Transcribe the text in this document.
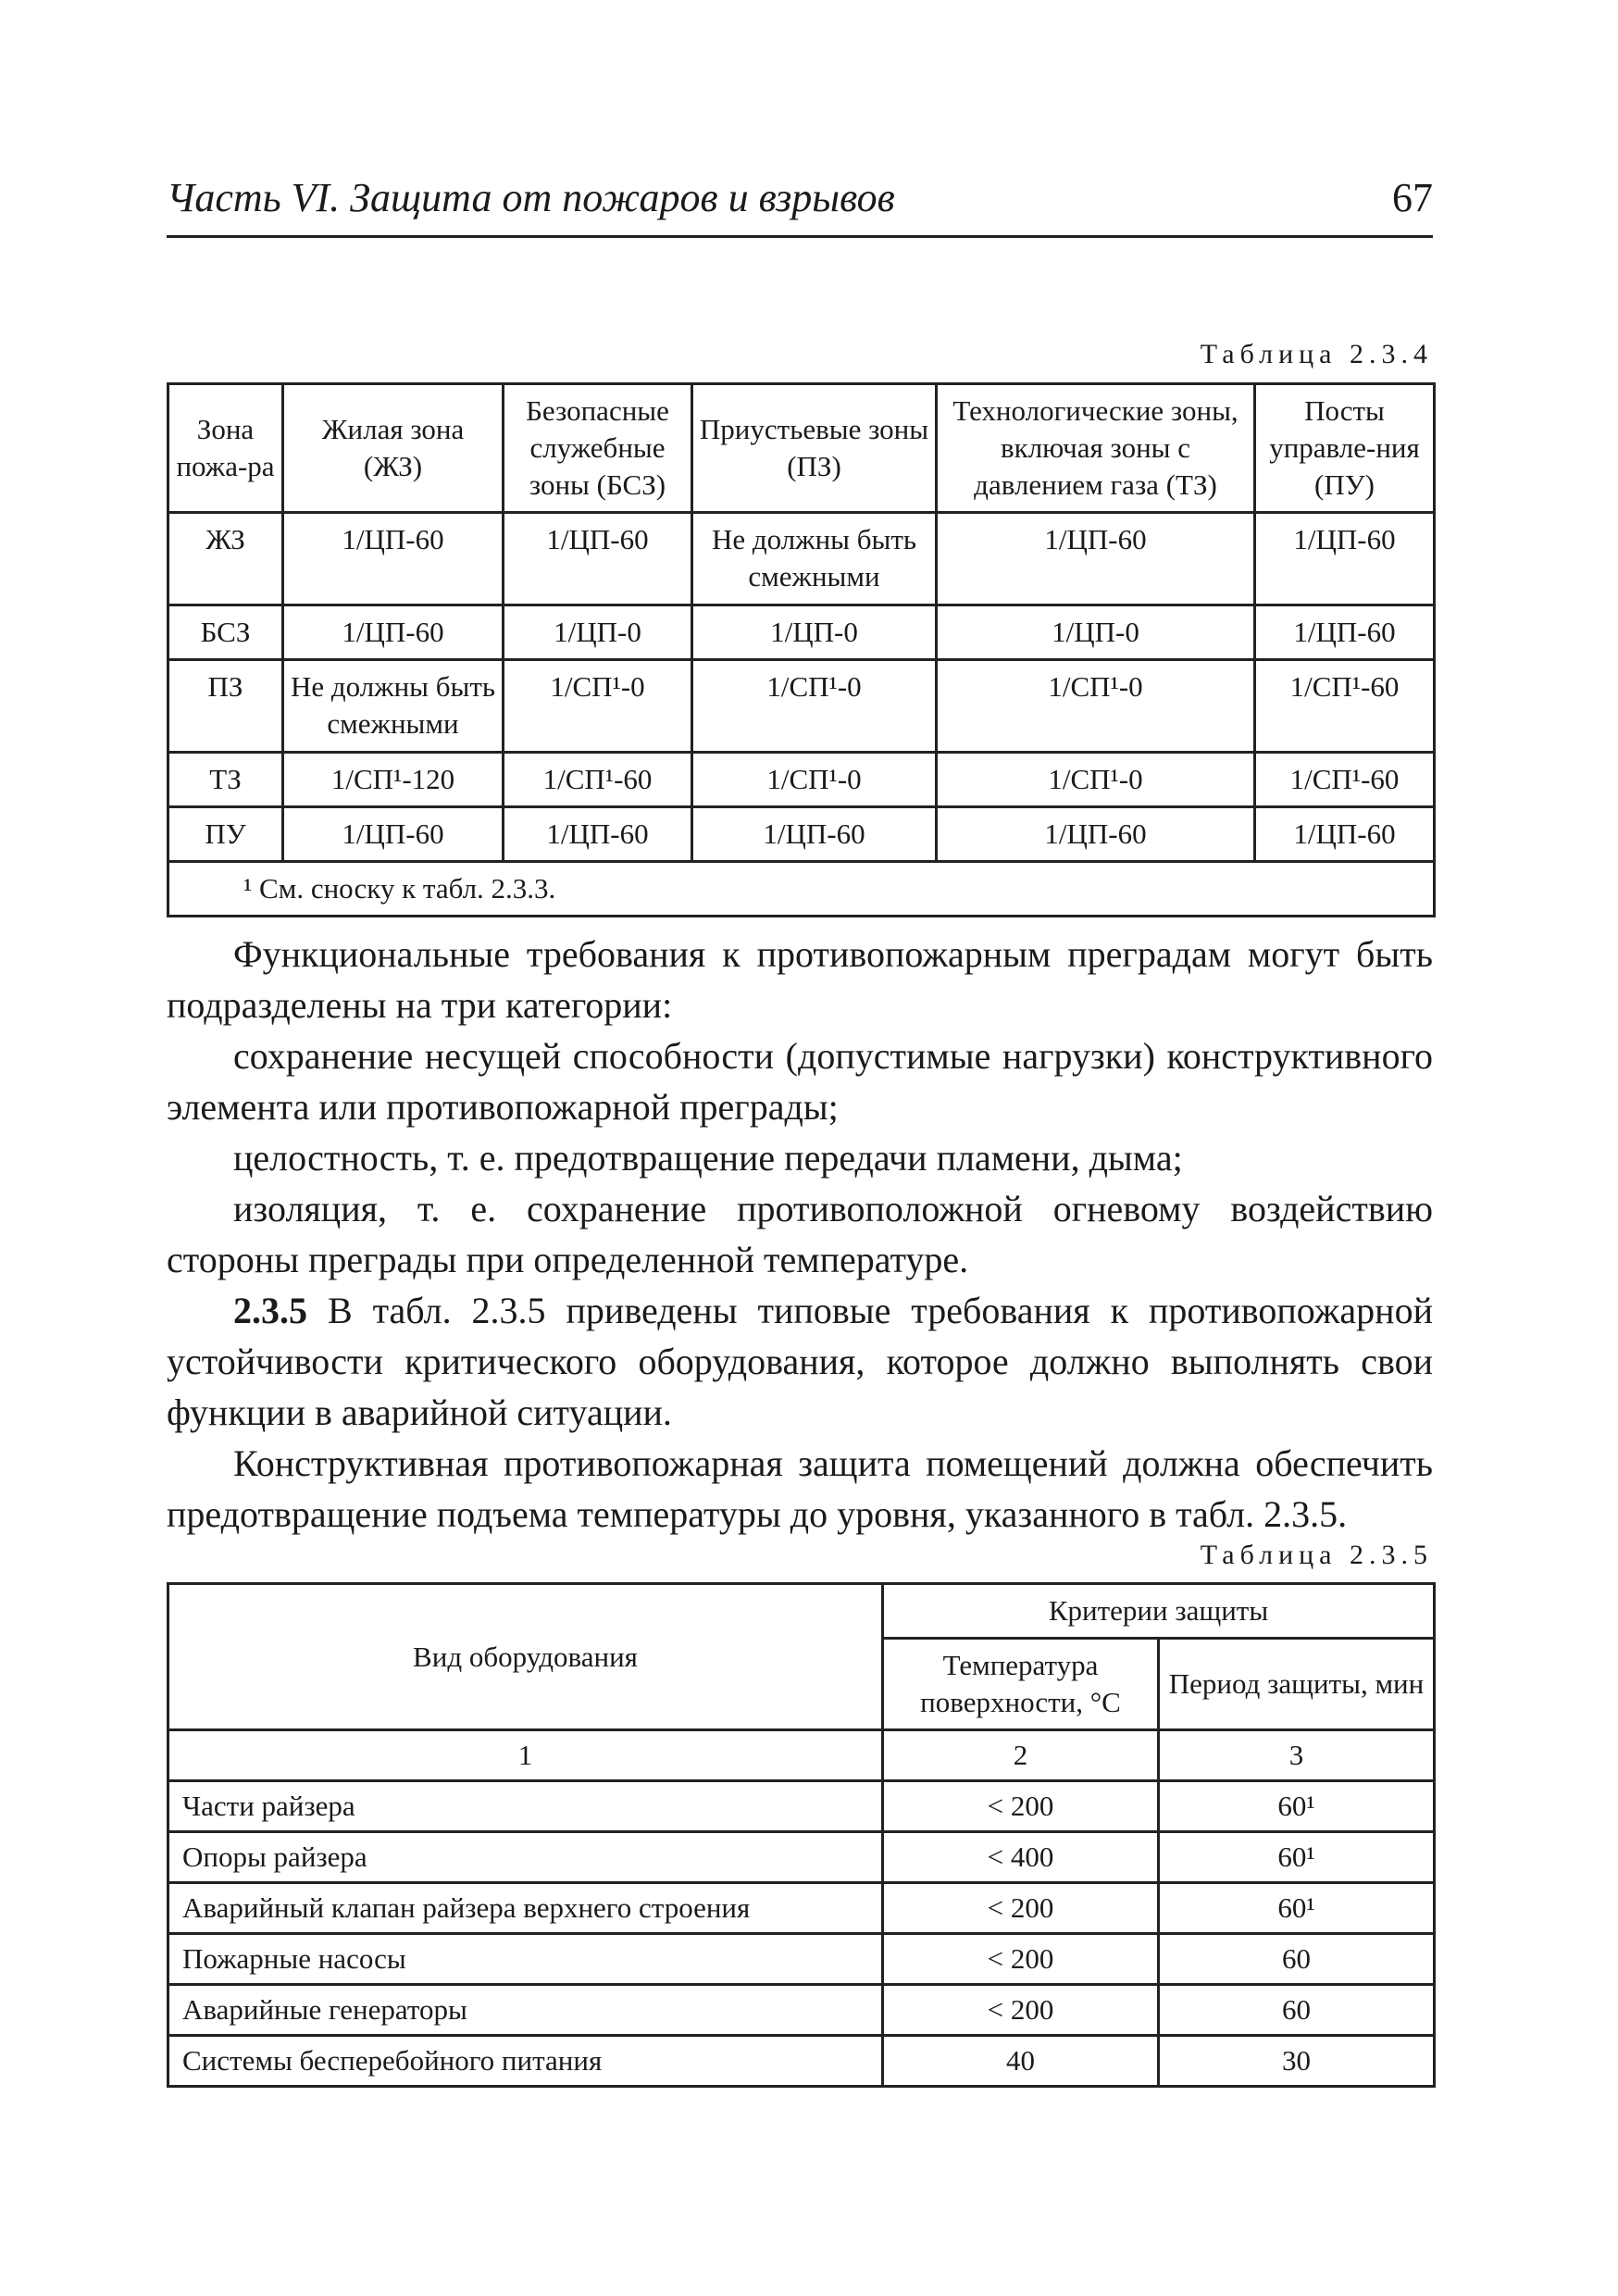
Часть VI. Защита от пожаров и взрывов	67
Таблица 2.3.4
Зона пожа-ра	Жилая зона (ЖЗ)	Безопасные служебные зоны (БСЗ)	Приустьевые зоны (ПЗ)	Технологические зоны, включая зоны с давлением газа (ТЗ)	Посты управле-ния (ПУ)
ЖЗ	1/ЦП-60	1/ЦП-60	Не должны быть смежными	1/ЦП-60	1/ЦП-60
БСЗ	1/ЦП-60	1/ЦП-0	1/ЦП-0	1/ЦП-0	1/ЦП-60
ПЗ	Не должны быть смежными	1/СП¹-0	1/СП¹-0	1/СП¹-0	1/СП¹-60
ТЗ	1/СП¹-120	1/СП¹-60	1/СП¹-0	1/СП¹-0	1/СП¹-60
ПУ	1/ЦП-60	1/ЦП-60	1/ЦП-60	1/ЦП-60	1/ЦП-60
¹ См. сноску к табл. 2.3.3.					

Функциональные требования к противопожарным преградам могут быть подразделены на три категории:

сохранение несущей способности (допустимые нагрузки) конструктивного элемента или противопожарной преграды;

целостность, т. е. предотвращение передачи пламени, дыма;

изоляция, т. е. сохранение противоположной огневому воздействию стороны преграды при определенной температуре.

2.3.5 В табл. 2.3.5 приведены типовые требования к противопожарной устойчивости критического оборудования, которое должно выполнять свои функции в аварийной ситуации.

Конструктивная противопожарная защита помещений должна обеспечить предотвращение подъема температуры до уровня, указанного в табл. 2.3.5.

Таблица 2.3.5
Вид оборудования	Критерии защиты	
	Температура поверхности, °С	Период защиты, мин
1	2	3
Части райзера	< 200	60¹
Опоры райзера	< 400	60¹
Аварийный клапан райзера верхнего строения	< 200	60¹
Пожарные насосы	< 200	60
Аварийные генераторы	< 200	60
Системы бесперебойного питания	40	30
